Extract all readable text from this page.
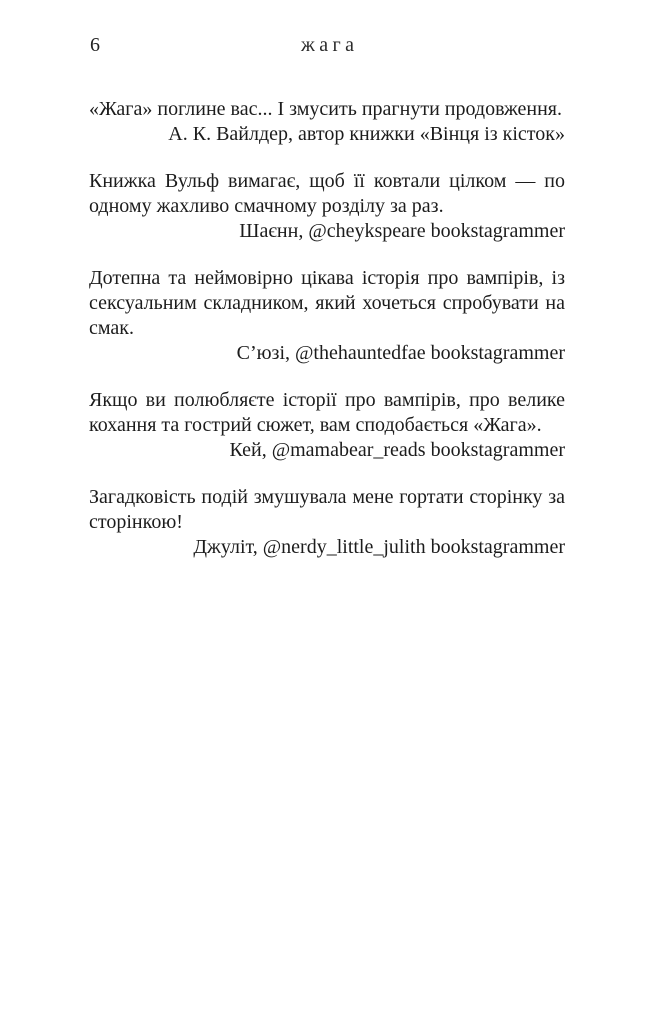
6	жага

«Жага» поглине вас... І змусить прагнути продовження.

А. К. Вайлдер, автор книжки «Вінця із кісток»

Книжка Вульф вимагає, щоб її ковтали цілком — по одному жахливо смачному розділу за раз.

Шаєнн, @cheykspeare bookstagrammer

Дотепна та неймовірно цікава історія про вампірів, із сексуальним складником, який хочеться спробувати на смак.

С’юзі, @thehauntedfae bookstagrammer

Якщо ви полюбляєте історії про вампірів, про велике кохання та гострий сюжет, вам сподобається «Жага».

Кей, @mamabear_reads bookstagrammer

Загадковість подій змушувала мене гортати сторінку за сторінкою!

Джуліт, @nerdy_little_julith bookstagrammer
